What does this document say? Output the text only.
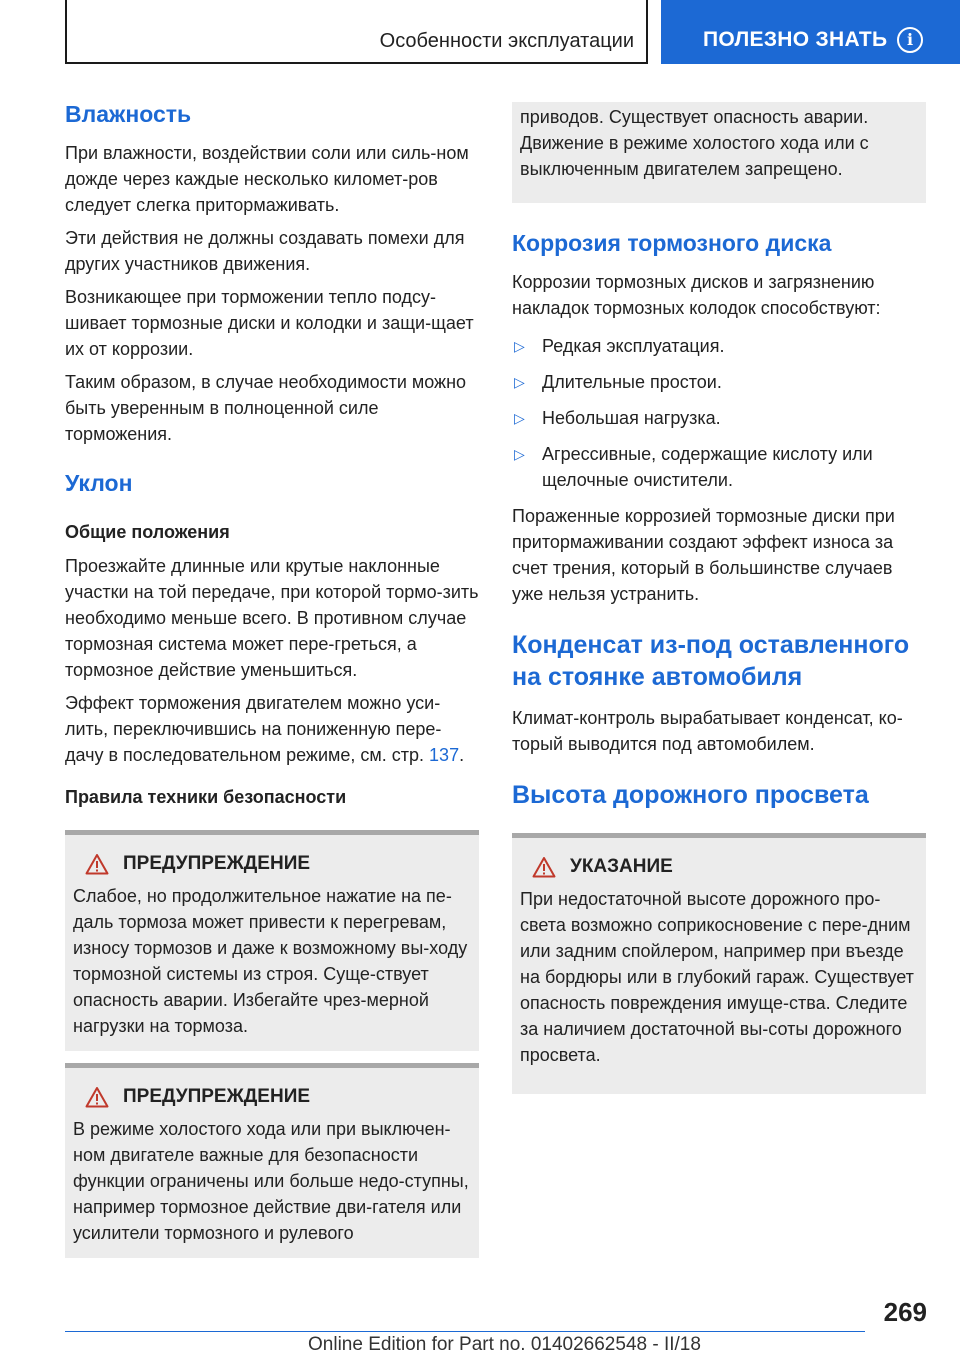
Особенности эксплуатации	ПОЛЕЗНО ЗНАТЬ	i
Влажность

При влажности, воздействии соли или силь-ном дожде через каждые несколько километ-ров следует слегка притормаживать.

Эти действия не должны создавать помехи для других участников движения.

Возникающее при торможении тепло подсу-шивает тормозные диски и колодки и защи-щает их от коррозии.

Таким образом, в случае необходимости можно быть уверенным в полноценной силе торможения.

Уклон
Общие положения

Проезжайте длинные или крутые наклонные участки на той передаче, при которой тормо-зить необходимо меньше всего. В противном случае тормозная система может пере-греться, а тормозное действие уменьшиться.

Эффект торможения двигателем можно уси-лить, переключившись на пониженную пере-дачу в последовательном режиме, см. стр. 137.

Правила техники безопасности
ПРЕДУПРЕЖДЕНИЕ

Слабое, но продолжительное нажатие на пе-даль тормоза может привести к перегревам, износу тормозов и даже к возможному вы-ходу тормозной системы из строя. Суще-ствует опасность аварии. Избегайте чрез-мерной нагрузки на тормоза.

ПРЕДУПРЕЖДЕНИЕ

В режиме холостого хода или при выключен-ном двигателе важные для безопасности функции ограничены или больше недо-ступны, например тормозное действие дви-гателя или усилители тормозного и рулевого

приводов. Существует опасность аварии. Движение в режиме холостого хода или с выключенным двигателем запрещено.

Коррозия тормозного диска

Коррозии тормозных дисков и загрязнению накладок тормозных колодок способствуют:

▷ Редкая эксплуатация.
▷ Длительные простои.
▷ Небольшая нагрузка.
▷ Агрессивные, содержащие кислоту или щелочные очистители.

Пораженные коррозией тормозные диски при притормаживании создают эффект износа за счет трения, который в большинстве случаев уже нельзя устранить.

Конденсат из-под оставленного на стоянке автомобиля

Климат-контроль вырабатывает конденсат, ко-торый выводится под автомобилем.

Высота дорожного просвета
УКАЗАНИЕ

При недостаточной высоте дорожного про-света возможно соприкосновение с пере-дним или задним спойлером, например при въезде на бордюры или в глубокий гараж. Существует опасность повреждения имуще-ства. Следите за наличием достаточной вы-соты дорожного просвета.

269
Online Edition for Part no. 01402662548 - II/18
